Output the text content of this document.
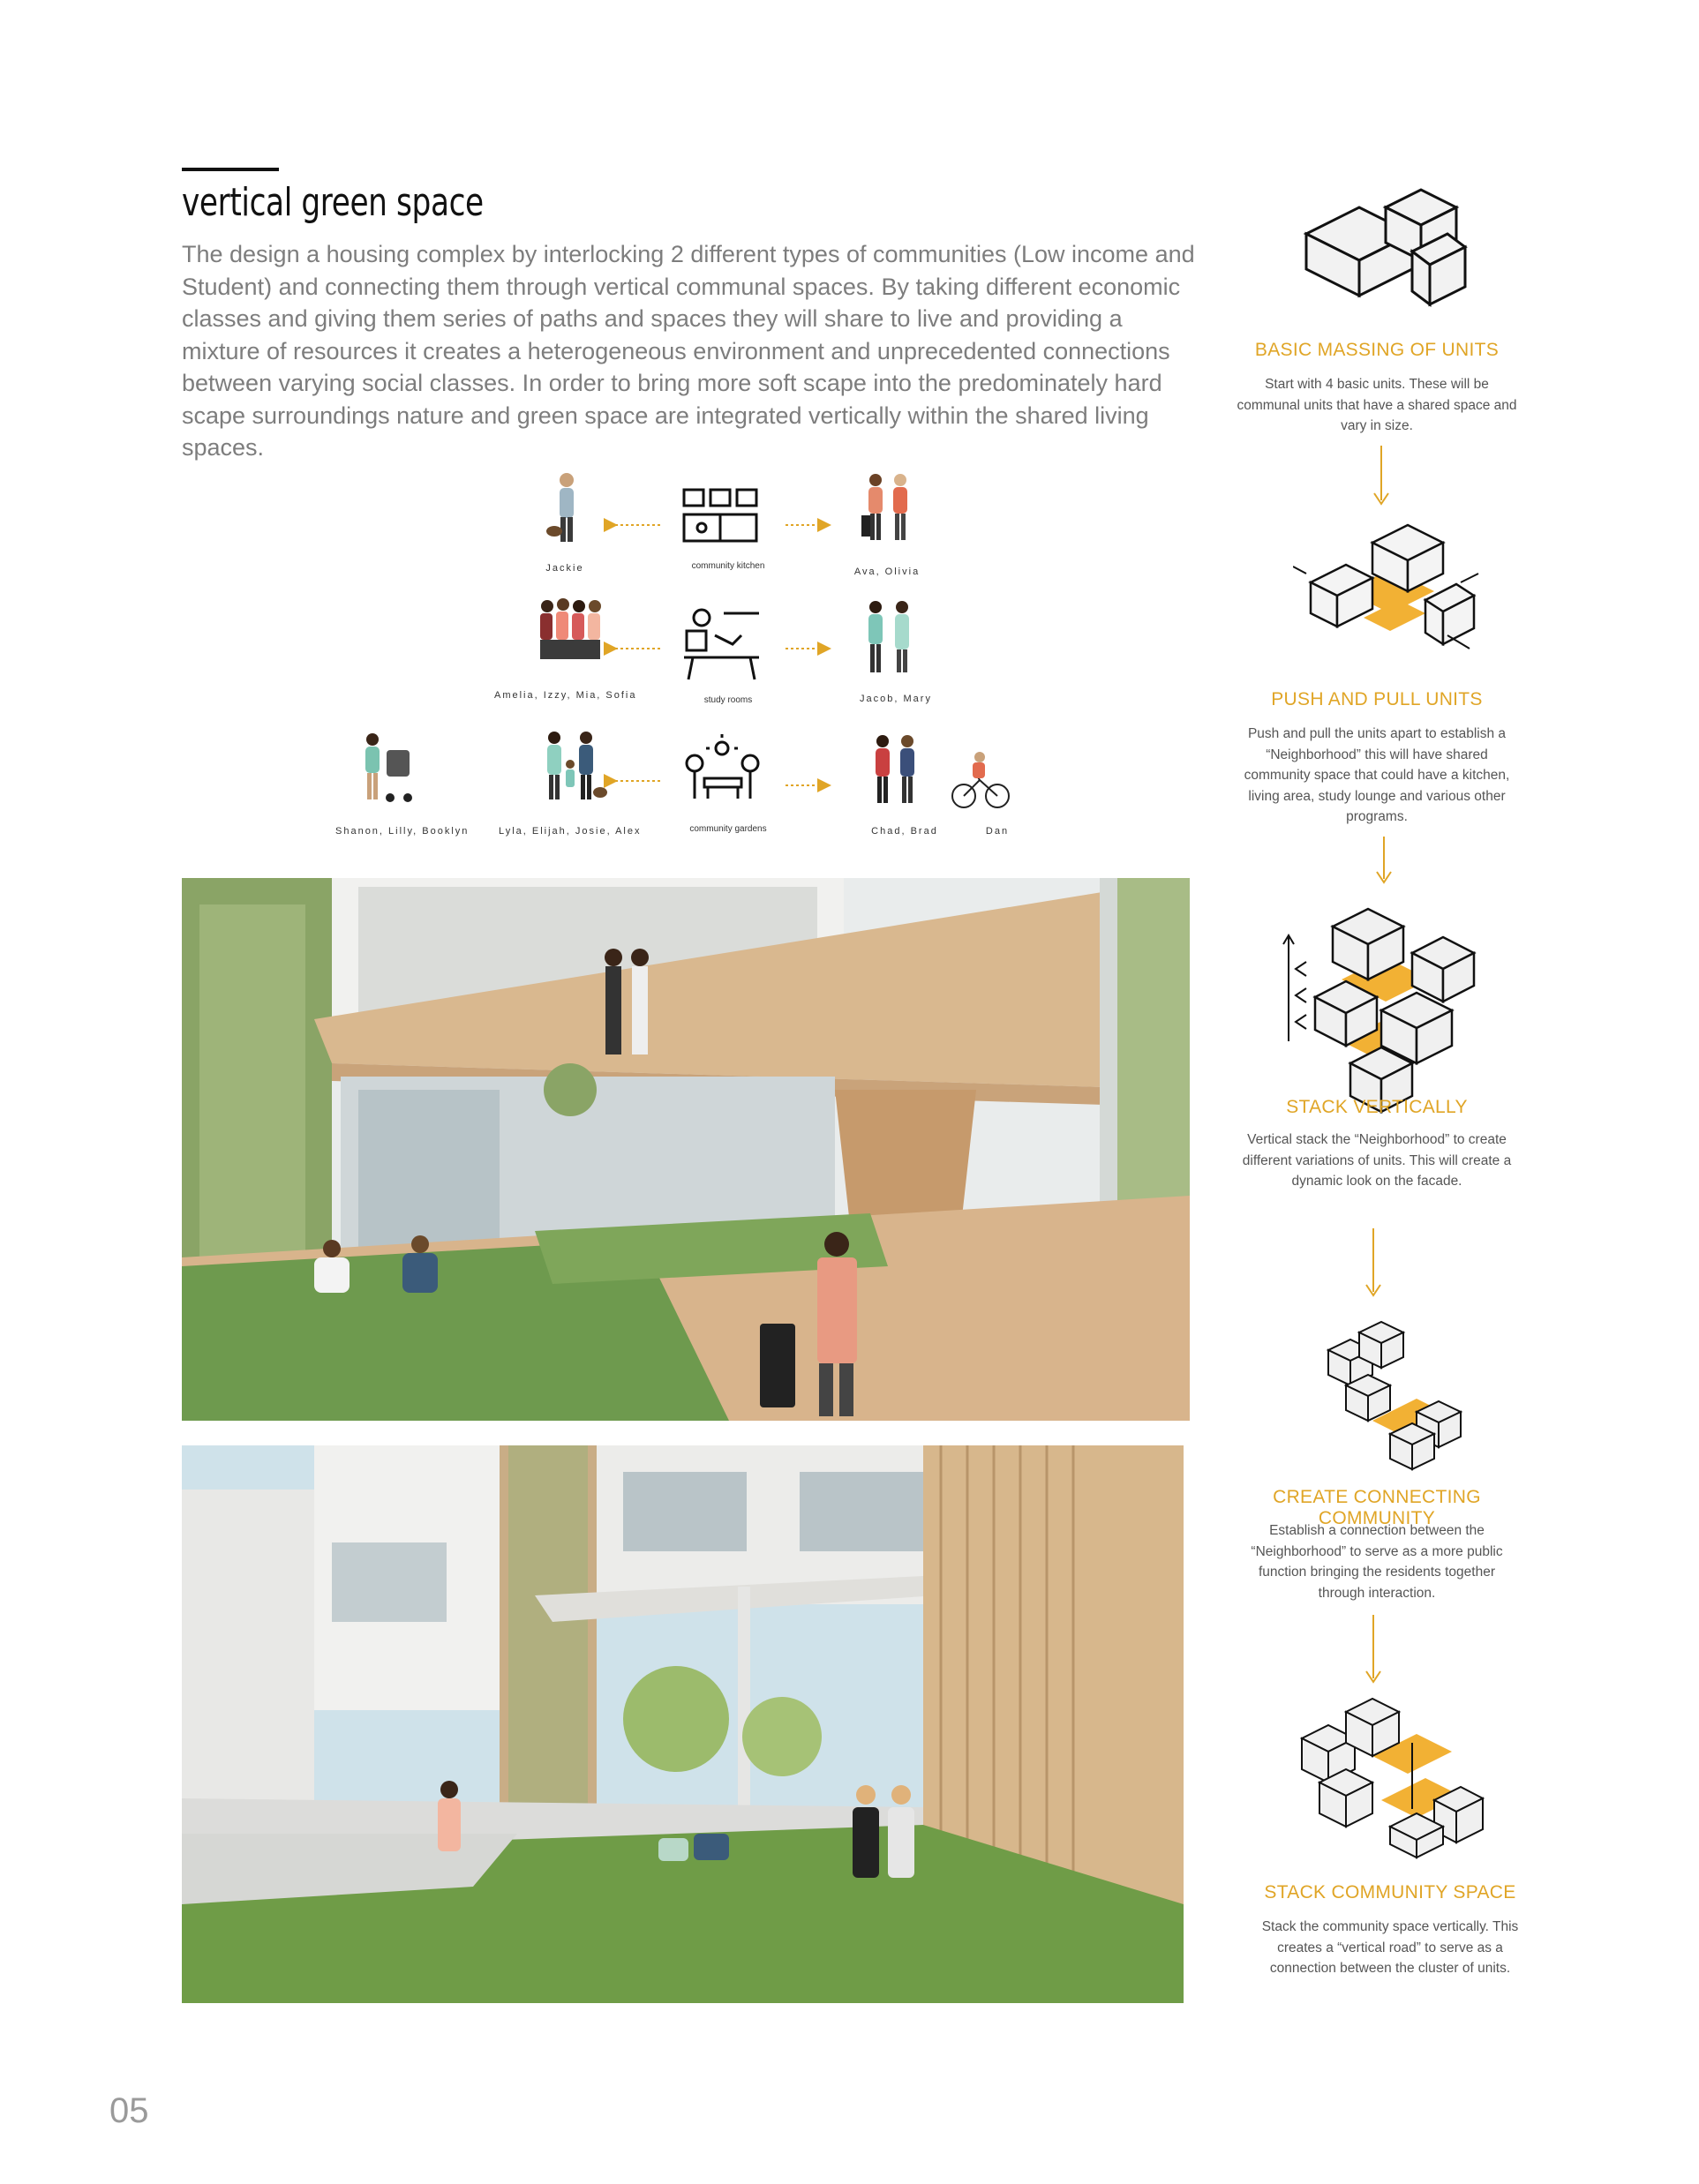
vertical green space
The design a housing complex by interlocking 2 different types of communities (Low income and Student) and connecting them through vertical communal spaces. By taking different economic classes and giving them series of paths and spaces they will share to live and providing a mixture of resources it creates a heterogeneous environment and unprecedented connections between varying social classes. In order to bring more soft scape into the predominately hard scape surroundings nature and green space are integrated vertically within the shared living spaces.
Jackie	community kitchen
Ava, Olivia
Amelia, Izzy, Mia, Sofia	study rooms	Jacob, Mary
Shanon, Lilly, Booklyn	Lyla, Elijah, Josie, Alex	community gardens	Chad, Brad	Dan
BASIC MASSING OF UNITS
Start with 4 basic units. These will be communal units that have a shared space and vary in size.
PUSH AND PULL UNITS
Push and pull the units apart to establish a “Neighborhood” this will have shared community space that could have a kitchen, living area, study lounge and various other programs.
STACK VERTICALLY
Vertical stack the “Neighborhood” to create different variations of units. This will create a dynamic look on the facade.
CREATE CONNECTING COMMUNITY
Establish a connection between the “Neighborhood” to serve as a more public function bringing the residents together through interaction.
STACK COMMUNITY SPACE
Stack the community space vertically. This creates a “vertical road” to serve as a connection between the cluster of units.
05
